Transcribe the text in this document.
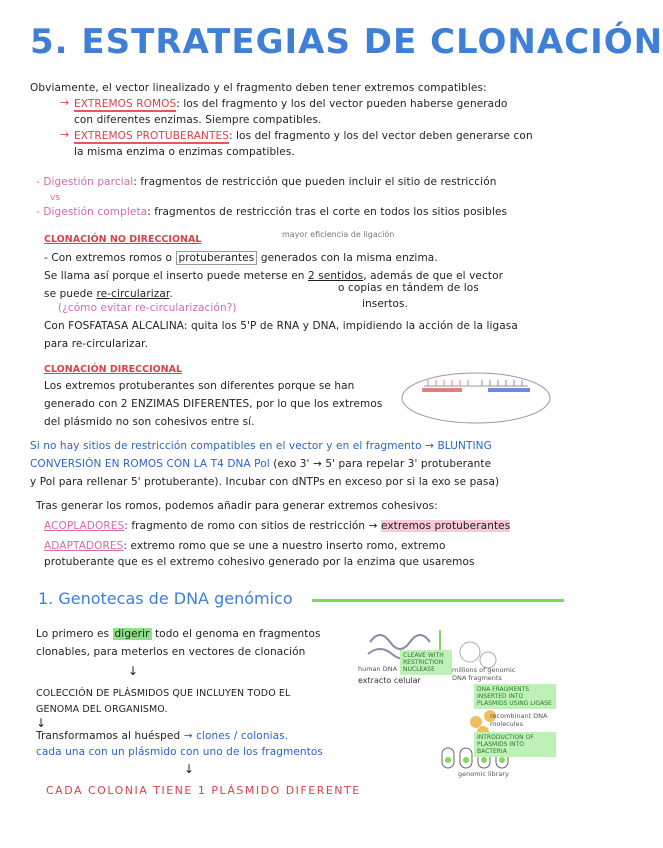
5. ESTRATEGIAS DE CLONACIÓN
Obviamente, el vector linealizado y el fragmento deben tener extremos compatibles:
→ EXTREMOS ROMOS: los del fragmento y los del vector pueden haberse generado
con diferentes enzimas. Siempre compatibles.
→ EXTREMOS PROTUBERANTES: los del fragmento y los del vector deben generarse con
la misma enzima o enzimas compatibles.
- Digestión parcial: fragmentos de restricción que pueden incluir el sitio de restricción
vs
- Digestión completa: fragmentos de restricción tras el corte en todos los sitios posibles
CLONACIÓN NO DIRECCIONAL	mayor eficiencia de ligación
- Con extremos romos o protuberantes generados con la misma enzima.
Se llama así porque el inserto puede meterse en 2 sentidos, además de que el vector
se puede re-circularizar.	o copias en tándem de los
insertos.
(¿cómo evitar re-circularización?)
Con FOSFATASA ALCALINA: quita los 5'P de RNA y DNA, impidiendo la acción de la ligasa
para re-circularizar.
CLONACIÓN DIRECCIONAL
Los extremos protuberantes son diferentes porque se han
generado con 2 ENZIMAS DIFERENTES, por lo que los extremos
del plásmido no son cohesivos entre sí.
Si no hay sitios de restricción compatibles en el vector y en el fragmento → BLUNTING
CONVERSIÓN EN ROMOS CON LA T4 DNA Pol (exo 3' → 5' para repelar 3' protuberante
y Pol para rellenar 5' protuberante). Incubar con dNTPs en exceso por si la exo se pasa)
Tras generar los romos, podemos añadir para generar extremos cohesivos:
ACOPLADORES: fragmento de romo con sitios de restricción → extremos protuberantes
ADAPTADORES: extremo romo que se une a nuestro inserto romo, extremo
protuberante que es el extremo cohesivo generado por la enzima que usaremos
1. Genotecas de DNA genómico
Lo primero es digerir todo el genoma en fragmentos
clonables, para meterlos en vectores de clonación
↓
COLECCIÓN DE PLÁSMIDOS QUE INCLUYEN TODO EL
GENOMA DEL ORGANISMO.
↓
Transformamos al huésped → clones / colonias.
cada una con un plásmido con uno de los fragmentos
↓
CADA COLONIA TIENE 1 PLÁSMIDO DIFERENTE
human DNA
extracto celular
CLEAVE WITH RESTRICTION NUCLEASE	millions of genomic DNA fragments
DNA FRAGMENTS INSERTED INTO PLASMIDS USING LIGASE
recombinant DNA molecules
INTRODUCTION OF PLASMIDS INTO BACTERIA
genomic library
